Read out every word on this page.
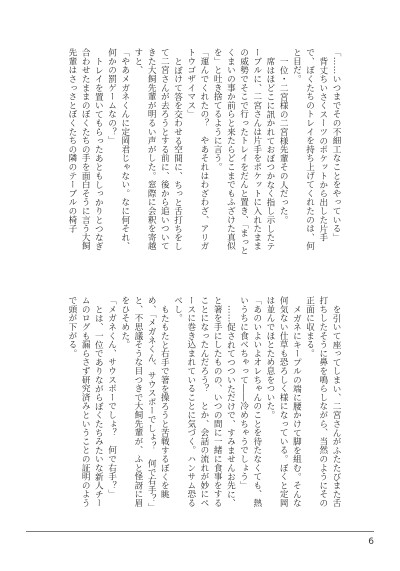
「……いつまでその不細工なことをやっている」
背丈ちいさくスーツのポケットから出した片手で、ぼくたちのトレイを持ち上げてくれたのは、何と目だ。
一位・二宮様の二宮様先輩その人だった。
席はほどこに訊かれておぼつかなく指し示したテーブルに、二宮さんは片手をポケットに入れたままの威勢でそこで行ったトレイをだんと置き、「まっとくまいの事か前らと来たらどこまでもふざけた真似を」と吐き捨てるように言う。
「運んでくれたの？　やあそれはわざわざ、アリガトウゴザイマス」
とぼけて答を交わせる空間に、ちっと舌打ちをして二宮さんが去ろうとする前に、後から追いついてきた大飼先輩が明るい声がした。窓際に会釈を寄越すと、
「やあメガネくんに定岡君じゃない。なに何それ、何かの罰ゲームなの？」
トレイを置いてもらったあともしっかりとつなぎ合わせたままのぼくたちの手を面白そうに言う大飼先輩はさっさとぼくたちの隣のテーブルの椅子
を引いて座ってしまい、二宮さんがふたたびまた舌打ちしたそうに鼻を鳴らしながら、当然のようにその正面に収まる。
メガネにキープルの端に腰かけて脚を組む。そんな何気ない仕草も恐ろしく様になっている。ぼくと定岡は並んでほとため息をついた。
「あのいよいよオレちゃんのことを待たなくても、熱いうちに食べちゃって――冷めちゃうでしょう」
……促されてつついただけで、すみませんお先に、と箸を手にしたものの、いつの間に一緒に食事をすることになったんだろう？　とか、会話の流れが妙にペースに巻き込まれていることに気づく。ハンサム恐るべし。
もたもたと右手で箸を操ろうと苦戦するぼくを眺め、「メガネくん、サウスポーでしょ？　何で右手？」と、不思議そうな目つきで大飼先輩が、ふと怪訝に眉をひそめた。
「メガネくん、サウスポーでしょ？　何で右手？」
とは、一位でありながらぼくたちみたいな新人チームのログも漏らさず研究済みということの証明のようで頭が下がる。
6
